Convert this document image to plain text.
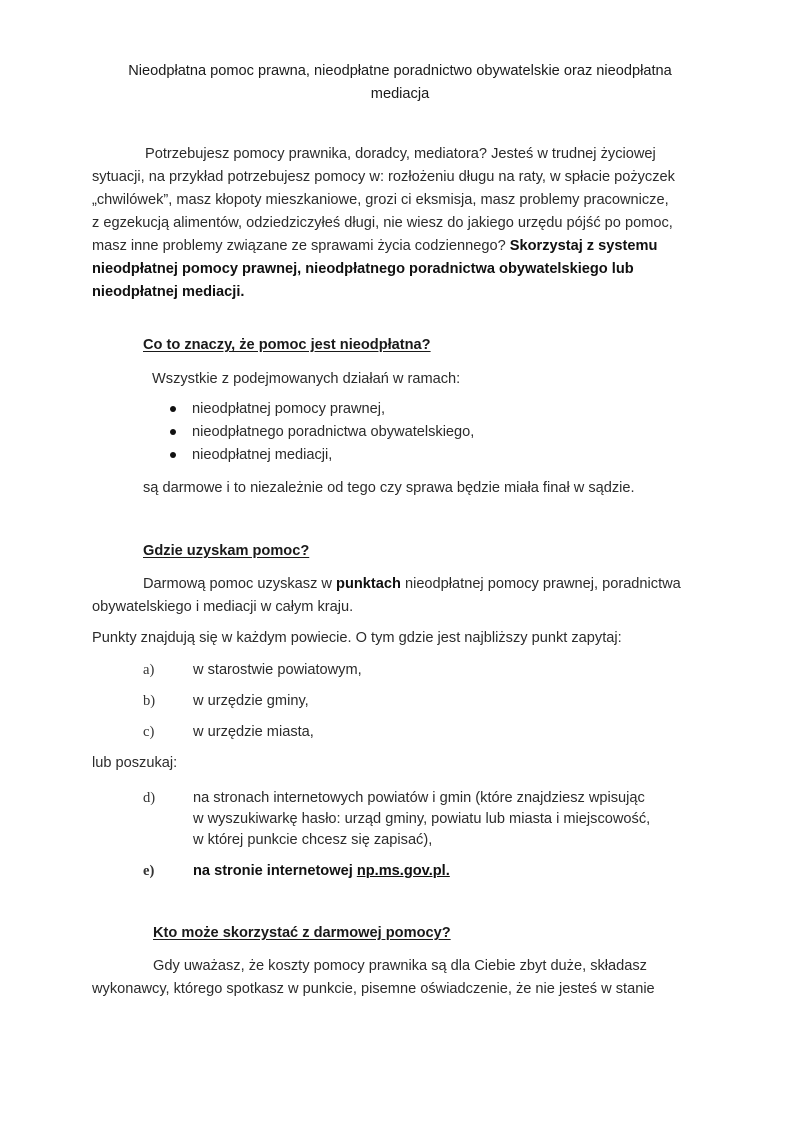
Nieodpłatna pomoc prawna, nieodpłatne poradnictwo obywatelskie oraz nieodpłatna
mediacja
Potrzebujesz pomocy prawnika, doradcy, mediatora? Jesteś w trudnej życiowej
sytuacji, na przykład potrzebujesz pomocy w: rozłożeniu długu na raty, w spłacie pożyczek
„chwilówek”, masz kłopoty mieszkaniowe, grozi ci eksmisja, masz problemy pracownicze,
z egzekucją alimentów, odziedziczyłeś długi, nie wiesz do jakiego urzędu pójść po pomoc,
masz inne problemy związane ze sprawami życia codziennego? Skorzystaj z systemu
nieodpłatnej pomocy prawnej, nieodpłatnego poradnictwa obywatelskiego lub
nieodpłatnej mediacji.
Co to znaczy, że pomoc jest nieodpłatna?
Wszystkie z podejmowanych działań w ramach:
nieodpłatnej pomocy prawnej,
nieodpłatnego poradnictwa obywatelskiego,
nieodpłatnej mediacji,
są darmowe i to niezależnie od tego czy sprawa będzie miała finał w sądzie.
Gdzie uzyskam pomoc?
Darmową pomoc uzyskasz w punktach nieodpłatnej pomocy prawnej, poradnictwa
obywatelskiego i mediacji w całym kraju.
Punkty znajdują się w każdym powiecie. O tym gdzie jest najbliższy punkt zapytaj:
a)	w starostwie powiatowym,
b)	w urzędzie gminy,
c)	w urzędzie miasta,
lub poszukaj:
d)	na stronach internetowych powiatów i gmin (które znajdziesz wpisując
w wyszukiwarkę hasło: urząd gminy, powiatu lub miasta i miejscowość,
w której punkcie chcesz się zapisać),
e)	na stronie internetowej np.ms.gov.pl.
Kto może skorzystać z darmowej pomocy?
Gdy uważasz, że koszty pomocy prawnika są dla Ciebie zbyt duże, składasz
wykonawcy, którego spotkasz w punkcie, pisemne oświadczenie, że nie jesteś w stanie
